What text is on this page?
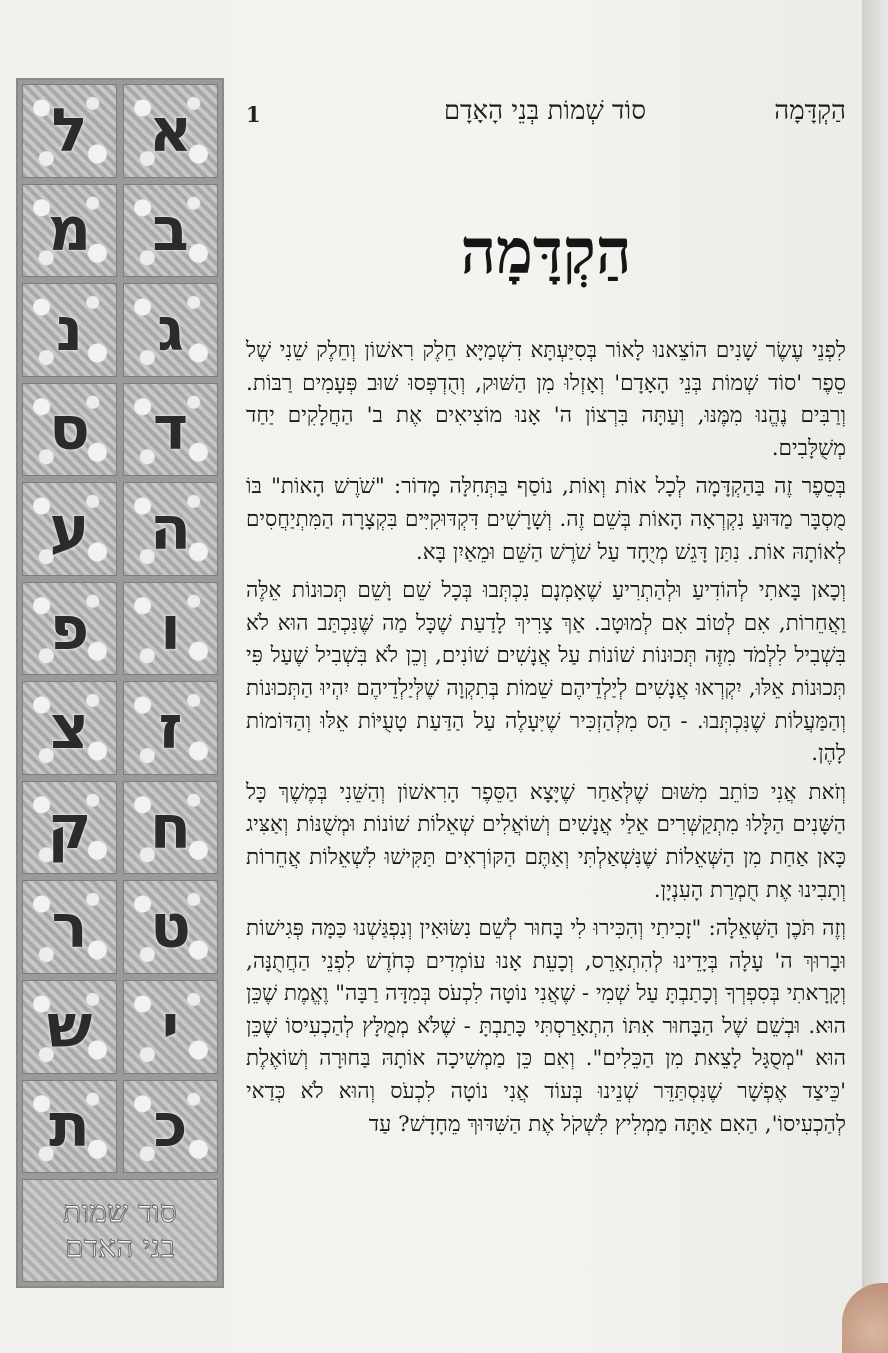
ל א
מ ב
נ ג
ס ד
ע ה
פ ו
צ ז
ק ח
ר ט
ש י
ת כ
סוד שמות
בני האדם
1	סוֹד שְׁמוֹת בְּנֵי הָאָדָם	הַקְדָּמָה
הַקְדָּמָה

לִפְנֵי עֶשֶׂר שָׁנִים הוֹצֵאנוּ לָאוֹר בְּסִיַּעְתָּא דִשְׁמַיָּא חֵלֶק רִאשׁוֹן וְחֵלֶק שֵׁנִי שֶׁל סֵפֶר 'סוֹד שְׁמוֹת בְּנֵי הָאָדָם' וְאָזְלוּ מִן הַשּׁוּק, וְהֻדְפְּסוּ שׁוּב פְּעָמִים רַבּוֹת. וְרַבִּים נֶהֱנוּ מִמֶּנּוּ, וְעַתָּה בִּרְצוֹן ה' אָנוּ מוֹצִיאִים אֶת ב' הַחֲלָקִים יַחַד מְשֻׁלָּבִים.

בְּסֵפֶר זֶה בַּהַקְדָּמָה לְכָל אוֹת וְאוֹת, נוֹסַף בַּתְּחִלָּה מָדוֹר: "שֹׁרֶשׁ הָאוֹת" בּוֹ מֻסְבָּר מַדּוּעַ נִקְרְאָה הָאוֹת בְּשֵׁם זֶה. וְשָׁרָשִׁים דִּקְדּוּקִיִּים בִּקְצָרָה הַמִּתְיַחֲסִים לְאוֹתָהּ אוֹת. נִתַּן דָּגֵשׁ מְיֻחָד עַל שֹׁרֶשׁ הַשֵּׁם וּמֵאַיִן בָּא.

וְכָאן בָּאתִי לְהוֹדִיעַ וּלְהַתְרִיעַ שֶׁאָמְנָם נִכְתְּבוּ בְּכָל שֵׁם וָשֵׁם תְּכוּנוֹת אֵלֶּה וַאֲחֵרוֹת, אִם לְטוֹב אִם לְמוּטָב. אַךְ צָרִיךְ לָדַעַת שֶׁכָּל מַה שֶּׁנִּכְתַּב הוּא לֹא בִּשְׁבִיל לִלְמֹד מִזֶּה תְּכוּנוֹת שׁוֹנוֹת עַל אֲנָשִׁים שׁוֹנִים, וְכֵן לֹא בִּשְׁבִיל שֶׁעַל פִּי תְּכוּנוֹת אֵלּוּ, יִקְרְאוּ אֲנָשִׁים לְיַלְדֵיהֶם שֵׁמוֹת בְּתִקְוָה שֶׁלְּיַלְדֵיהֶם יִהְיוּ הַתְּכוּנוֹת וְהַמַּעֲלוֹת שֶׁנִּכְתְּבוּ. - הַס מִלְּהַזְכִּיר שֶׁיִּעָלֶה עַל הַדַּעַת טָעֻיּוֹת אֵלּוּ וְהַדּוֹמוֹת לָהֶן.

וְזֹאת אֲנִי כּוֹתֵב מִשּׁוּם שֶׁלְּאַחַר שֶׁיָּצָא הַסֵּפֶר הָרִאשׁוֹן וְהַשֵּׁנִי בְּמֶשֶׁךְ כָּל הַשָּׁנִים הַלָּלוּ מִתְקַשְּׁרִים אֵלַי אֲנָשִׁים וְשׁוֹאֲלִים שְׁאֵלוֹת שׁוֹנוֹת וּמְשֻׁנּוֹת וְאַצִּיג כָּאן אַחַת מִן הַשְּׁאֵלוֹת שֶׁנִּשְׁאַלְתִּי וְאַתֶּם הַקּוֹרְאִים תַּקִּישׁוּ לִשְׁאֵלוֹת אֲחֵרוֹת וְתָבִינוּ אֶת חֻמְרַת הָעִנְיָן.

וְזֶה תֹּכֶן הַשְּׁאֵלָה: "זָכִיתִי וְהִכִּירוּ לִי בָּחוּר לְשֵׁם נִשּׂוּאִין וְנִפְגַּשְׁנוּ כַּמָּה פְּגִישׁוֹת וּבָרוּךְ ה' עָלָה בְּיָדֵינוּ לְהִתְאָרֵס, וְכָעֵת אָנוּ עוֹמְדִים כְּחֹדֶשׁ לִפְנֵי הַחֲתֻנָּה, וְקָרָאתִי בְּסִפְרְךָ וְכָתַבְתָּ עַל שְׁמִי - שֶׁאֲנִי נוֹטָה לִכְעֹס בְּמִדָּה רַבָּה" וֶאֱמֶת שֶׁכֵּן הוּא. וּבְשֵׁם שֶׁל הַבָּחוּר אִתּוֹ הִתְאָרַסְתִּי כָּתַבְתָּ - שֶׁלֹּא מְמֻלָּץ לְהַכְעִיסוֹ שֶׁכֵּן הוּא "מְסֻגָּל לָצֵאת מִן הַכֵּלִים". וְאִם כֵּן מַמְשִׁיכָה אוֹתָהּ בַּחוּרָה וְשׁוֹאֶלֶת 'כֵּיצַד אֶפְשָׁר שֶׁנִּסְתַּדֵּר שְׁנֵינוּ בְּעוֹד אֲנִי נוֹטָה לִכְעֹס וְהוּא לֹא כְּדַאי לְהַכְעִיסוֹ', הַאִם אַתָּה מַמְלִיץ לִשְׁקֹל אֶת הַשִּׁדּוּךְ מֵחָדָשׁ? עַד
